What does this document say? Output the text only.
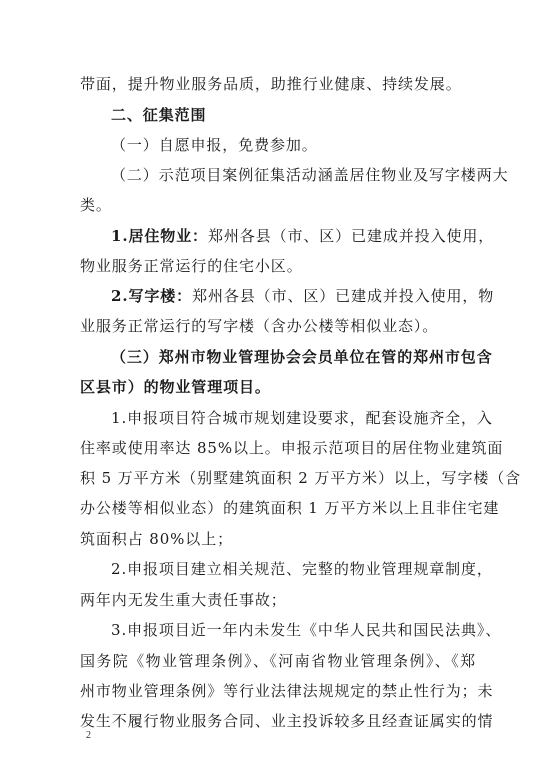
带面，提升物业服务品质，助推行业健康、持续发展。
二、征集范围
（一）自愿申报，免费参加。
（二）示范项目案例征集活动涵盖居住物业及写字楼两大
类。
1.居住物业：郑州各县（市、区）已建成并投入使用，
物业服务正常运行的住宅小区。
2.写字楼：郑州各县（市、区）已建成并投入使用，物
业服务正常运行的写字楼（含办公楼等相似业态）。
（三）郑州市物业管理协会会员单位在管的郑州市包含
区县市）的物业管理项目。
1.申报项目符合城市规划建设要求，配套设施齐全，入
住率或使用率达 85%以上。申报示范项目的居住物业建筑面
积 5 万平方米（别墅建筑面积 2 万平方米）以上，写字楼（含
办公楼等相似业态）的建筑面积 1 万平方米以上且非住宅建
筑面积占 80%以上；
2.申报项目建立相关规范、完整的物业管理规章制度，
两年内无发生重大责任事故；
3.申报项目近一年内未发生《中华人民共和国民法典》、
国务院《物业管理条例》、《河南省物业管理条例》、《郑
州市物业管理条例》等行业法律法规规定的禁止性行为；未
发生不履行物业服务合同、业主投诉较多且经查证属实的情
2
